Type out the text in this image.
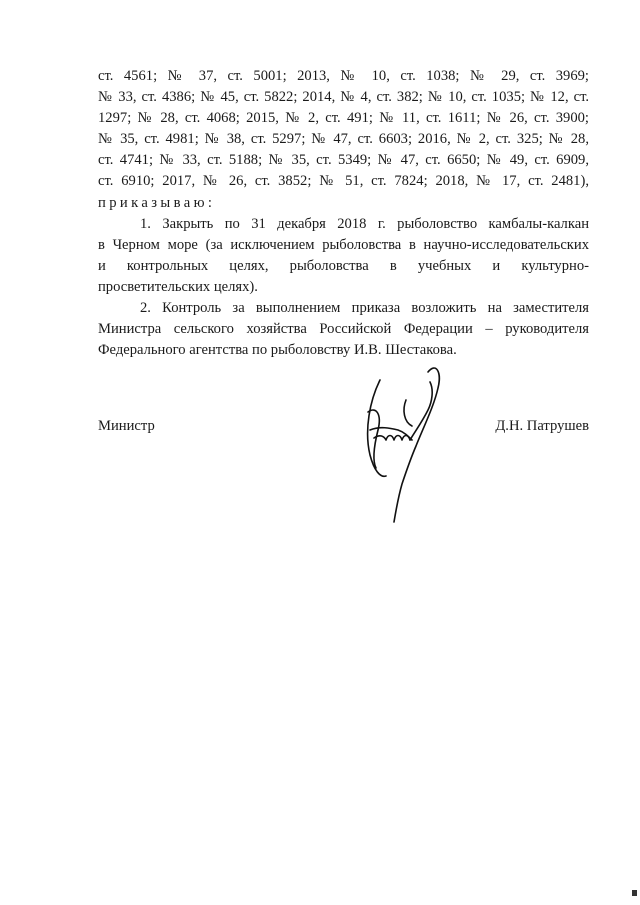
ст. 4561; № 37, ст. 5001; 2013, № 10, ст. 1038; № 29, ст. 3969;

№ 33, ст. 4386; № 45, ст. 5822; 2014, № 4, ст. 382; № 10, ст. 1035; № 12, ст.

1297; № 28, ст. 4068; 2015, № 2, ст. 491; № 11, ст. 1611; № 26, ст. 3900;

№ 35, ст. 4981; № 38, ст. 5297; № 47, ст. 6603; 2016, № 2, ст. 325; № 28,

ст. 4741; № 33, ст. 5188; № 35, ст. 5349; № 47, ст. 6650; № 49, ст. 6909,

ст. 6910; 2017, № 26, ст. 3852; № 51, ст. 7824; 2018, № 17, ст. 2481),

приказываю:

1. Закрыть по 31 декабря 2018 г. рыболовство камбалы-калкан

в Черном море (за исключением рыболовства в научно-исследовательских

и контрольных целях, рыболовства в учебных и культурно-

просветительских целях).

2. Контроль за выполнением приказа возложить на заместителя

Министра сельского хозяйства Российской Федерации – руководителя

Федерального агентства по рыболовству И.В. Шестакова.

Министр	Д.Н. Патрушев
